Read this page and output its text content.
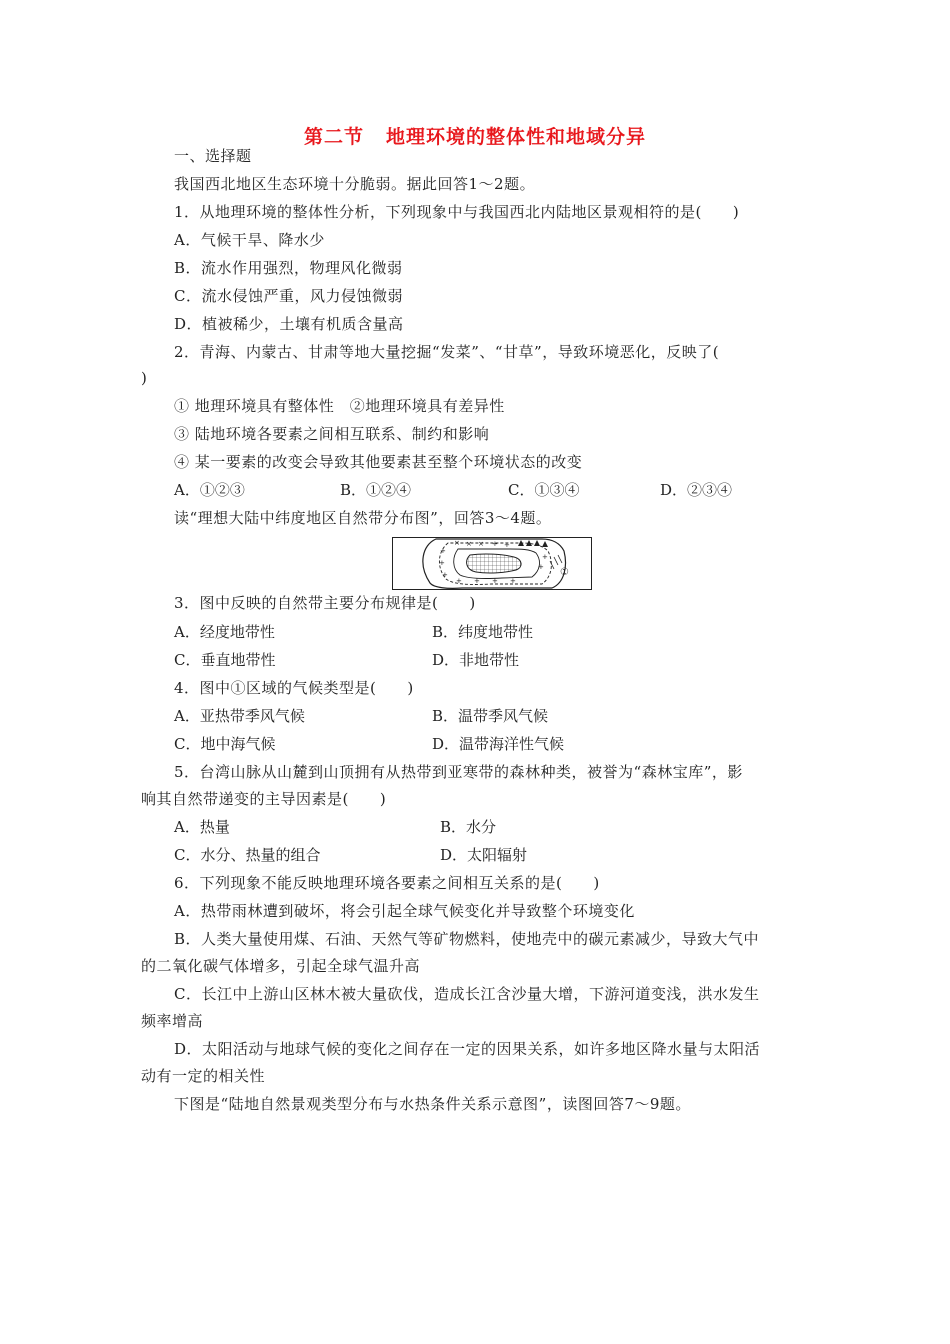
第二节 地理环境的整体性和地域分异
一、选择题
我国西北地区生态环境十分脆弱。据此回答1～2题。
1．从地理环境的整体性分析，下列现象中与我国西北内陆地区景观相符的是(　　)
A．气候干旱、降水少
B．流水作用强烈，物理风化微弱
C．流水侵蚀严重，风力侵蚀微弱
D．植被稀少，土壤有机质含量高
2．青海、内蒙古、甘肃等地大量挖掘“发菜”、“甘草”，导致环境恶化，反映了(
)
① 地理环境具有整体性　②地理环境具有差异性
③ 陆地环境各要素之间相互联系、制约和影响
④ 某一要素的改变会导致其他要素甚至整个环境状态的改变
A．①②③	B．①②④	C．①③④	D．②③④
读“理想大陆中纬度地区自然带分布图”，回答3～4题。
+
+
+
× × × + +
+ + + +
+
+
①
3．图中反映的自然带主要分布规律是(　　)
A．经度地带性	B．纬度地带性
C．垂直地带性	D．非地带性
4．图中①区域的气候类型是(　　)
A．亚热带季风气候	B．温带季风气候
C．地中海气候	D．温带海洋性气候
5．台湾山脉从山麓到山顶拥有从热带到亚寒带的森林种类，被誉为“森林宝库”，影
响其自然带递变的主导因素是(　　)
A．热量	B．水分
C．水分、热量的组合	D．太阳辐射
6．下列现象不能反映地理环境各要素之间相互关系的是(　　)
A．热带雨林遭到破坏，将会引起全球气候变化并导致整个环境变化
B．人类大量使用煤、石油、天然气等矿物燃料，使地壳中的碳元素减少，导致大气中
的二氧化碳气体增多，引起全球气温升高
C．长江中上游山区林木被大量砍伐，造成长江含沙量大增，下游河道变浅，洪水发生
频率增高
D．太阳活动与地球气候的变化之间存在一定的因果关系，如许多地区降水量与太阳活
动有一定的相关性
下图是“陆地自然景观类型分布与水热条件关系示意图”，读图回答7～9题。
